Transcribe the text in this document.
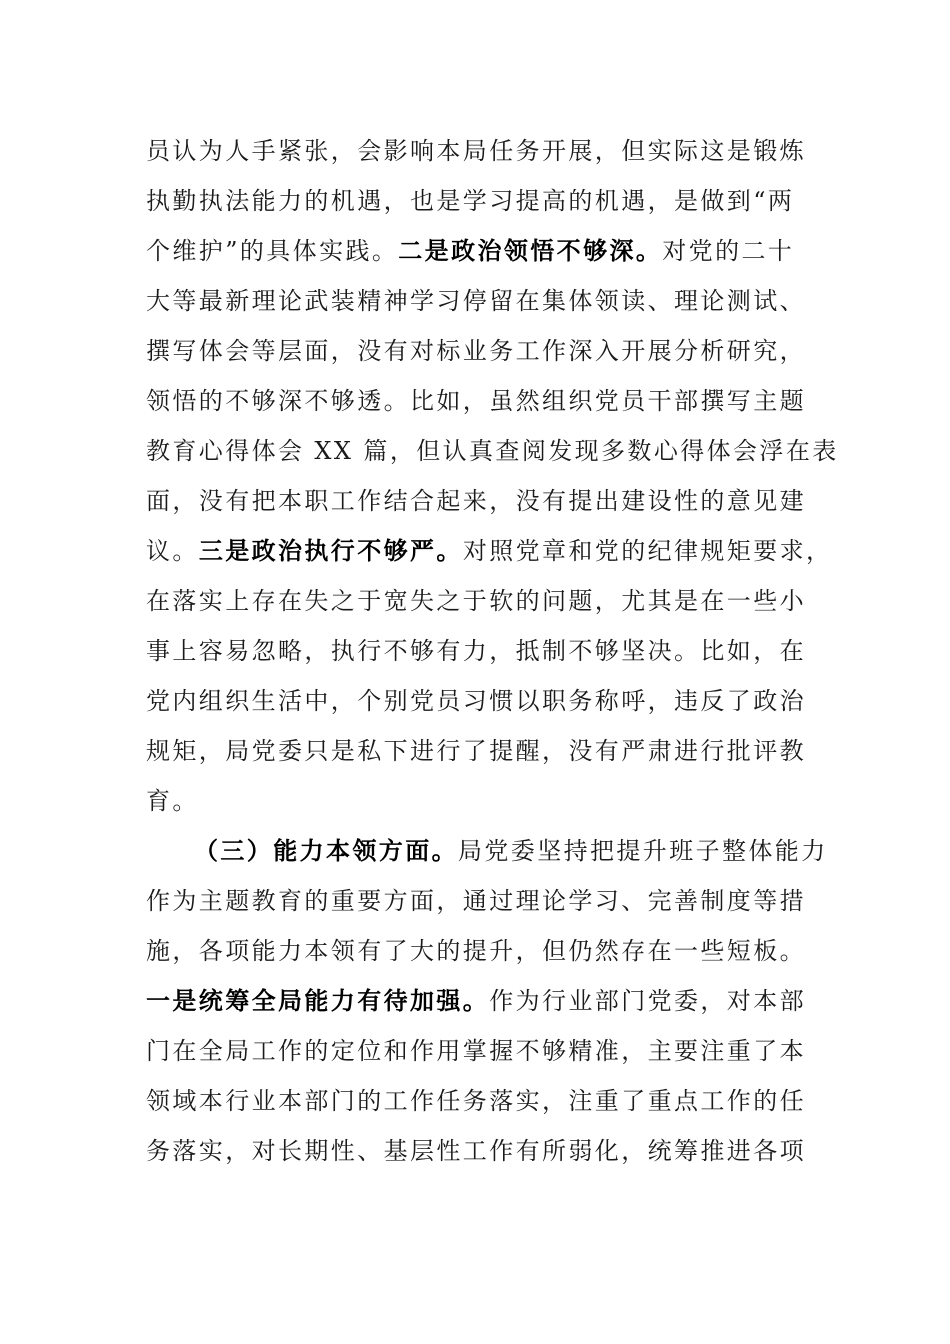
员认为人手紧张，会影响本局任务开展，但实际这是锻炼
执勤执法能力的机遇，也是学习提高的机遇，是做到“两
个维护”的具体实践。二是政治领悟不够深。对党的二十
大等最新理论武装精神学习停留在集体领读、理论测试、
撰写体会等层面，没有对标业务工作深入开展分析研究，
领悟的不够深不够透。比如，虽然组织党员干部撰写主题
教育心得体会 XX 篇，但认真查阅发现多数心得体会浮在表
面，没有把本职工作结合起来，没有提出建设性的意见建
议。三是政治执行不够严。对照党章和党的纪律规矩要求，
在落实上存在失之于宽失之于软的问题，尤其是在一些小
事上容易忽略，执行不够有力，抵制不够坚决。比如，在
党内组织生活中，个别党员习惯以职务称呼，违反了政治
规矩，局党委只是私下进行了提醒，没有严肃进行批评教
育。
（三）能力本领方面。局党委坚持把提升班子整体能力
作为主题教育的重要方面，通过理论学习、完善制度等措
施，各项能力本领有了大的提升，但仍然存在一些短板。
一是统筹全局能力有待加强。作为行业部门党委，对本部
门在全局工作的定位和作用掌握不够精准，主要注重了本
领域本行业本部门的工作任务落实，注重了重点工作的任
务落实，对长期性、基层性工作有所弱化，统筹推进各项
